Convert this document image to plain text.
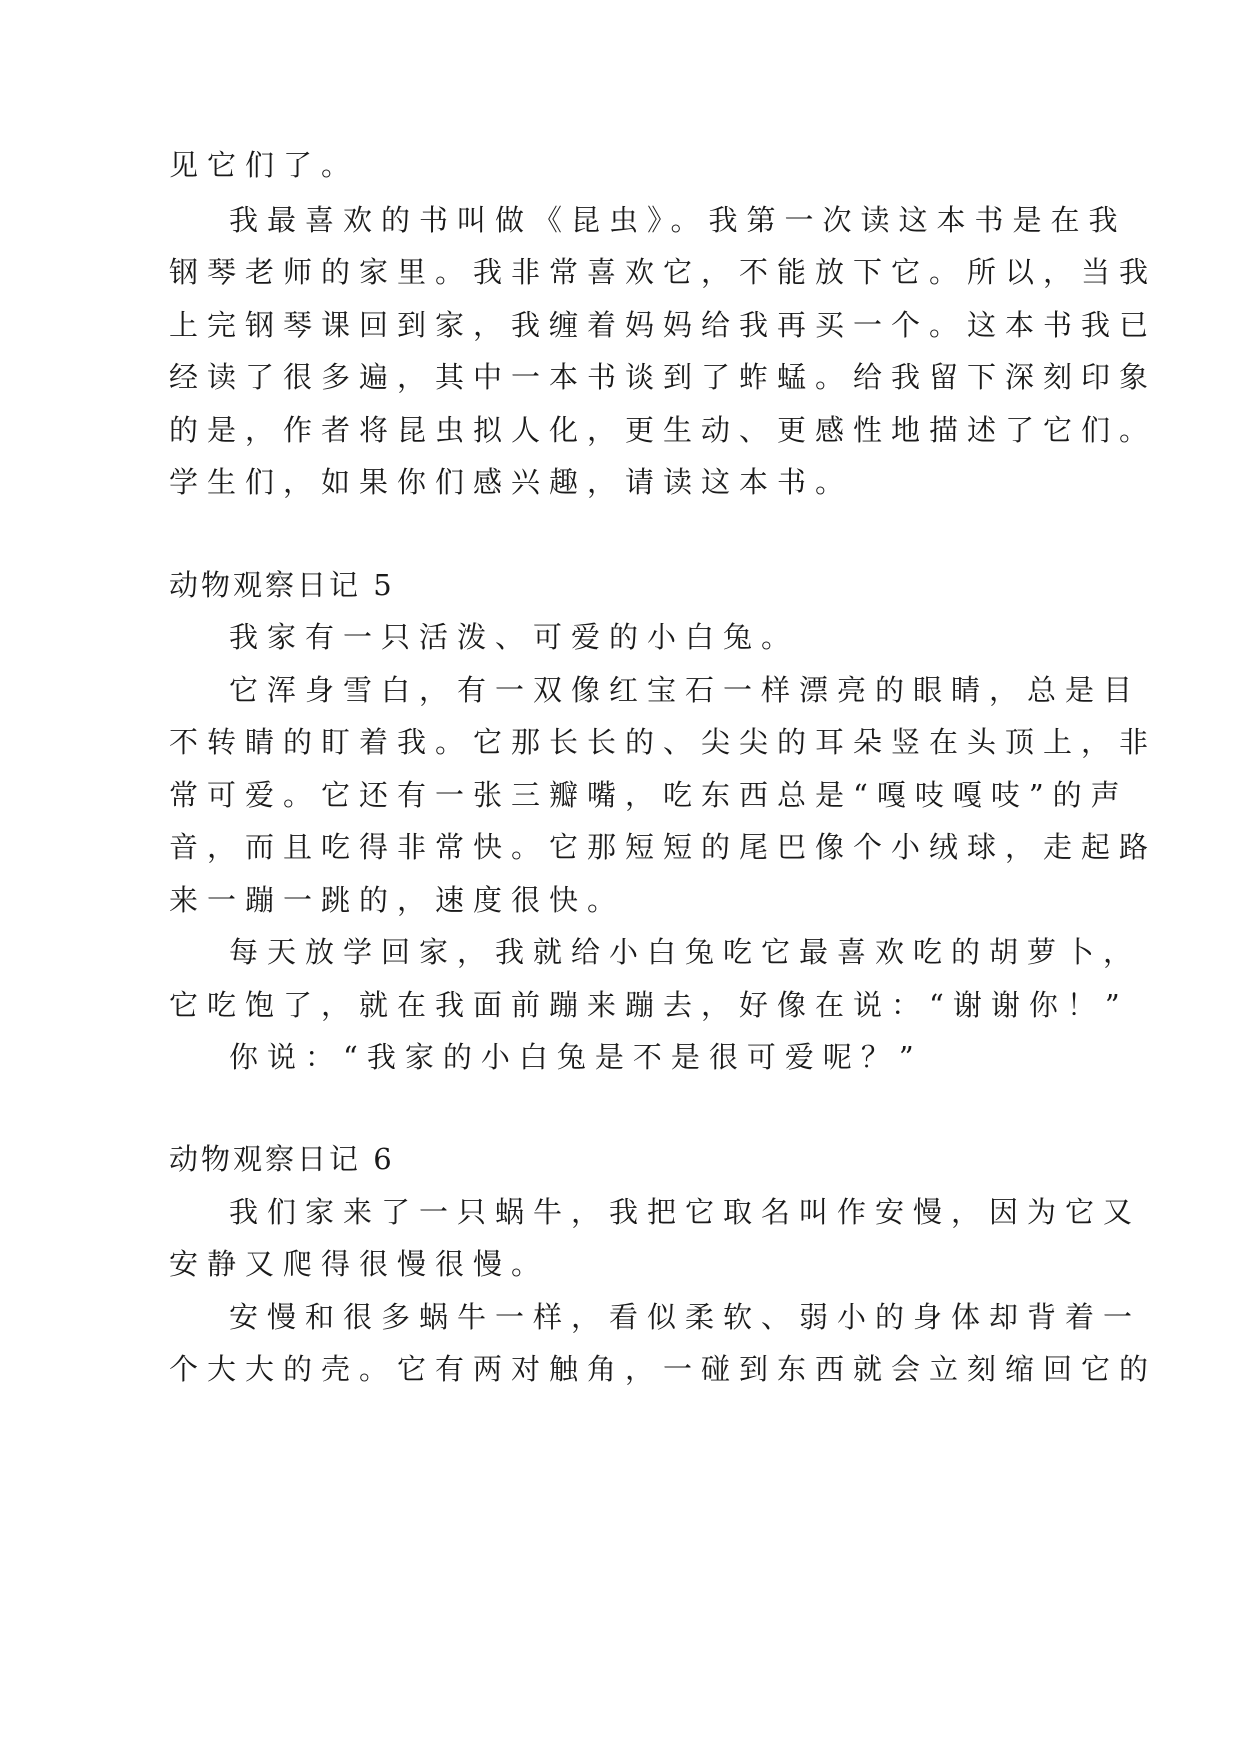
见它们了。

我最喜欢的书叫做《昆虫》。我第一次读这本书是在我

钢琴老师的家里。我非常喜欢它，不能放下它。所以，当我

上完钢琴课回到家，我缠着妈妈给我再买一个。这本书我已

经读了很多遍，其中一本书谈到了蚱蜢。给我留下深刻印象

的是，作者将昆虫拟人化，更生动、更感性地描述了它们。

学生们，如果你们感兴趣，请读这本书。

动物观察日记 5

我家有一只活泼、可爱的小白兔。

它浑身雪白，有一双像红宝石一样漂亮的眼睛，总是目

不转睛的盯着我。它那长长的、尖尖的耳朵竖在头顶上，非

常可爱。它还有一张三瓣嘴，吃东西总是“嘎吱嘎吱”的声

音，而且吃得非常快。它那短短的尾巴像个小绒球，走起路

来一蹦一跳的，速度很快。

每天放学回家，我就给小白兔吃它最喜欢吃的胡萝卜，

它吃饱了，就在我面前蹦来蹦去，好像在说：“谢谢你！”

你说：“我家的小白兔是不是很可爱呢？”

动物观察日记 6

我们家来了一只蜗牛，我把它取名叫作安慢，因为它又

安静又爬得很慢很慢。

安慢和很多蜗牛一样，看似柔软、弱小的身体却背着一

个大大的壳。它有两对触角，一碰到东西就会立刻缩回它的
